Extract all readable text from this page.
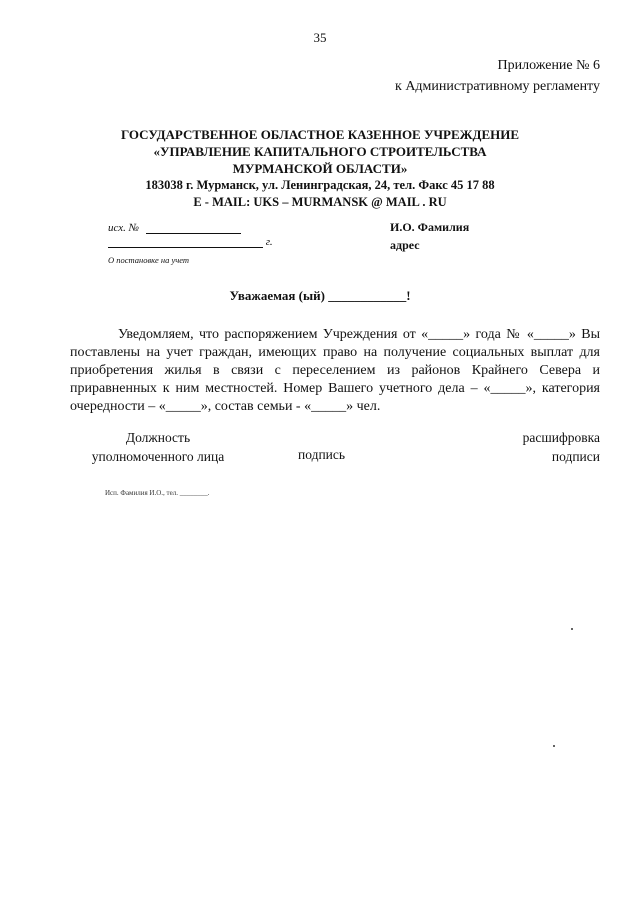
35
Приложение № 6
к Административному регламенту
ГОСУДАРСТВЕННОЕ ОБЛАСТНОЕ КАЗЕННОЕ УЧРЕЖДЕНИЕ
«УПРАВЛЕНИЕ КАПИТАЛЬНОГО СТРОИТЕЛЬСТВА
МУРМАНСКОЙ ОБЛАСТИ»
183038 г. Мурманск, ул. Ленинградская, 24, тел. Факс 45 17 88
E - MAIL: UKS – MURMANSK @ MAIL . RU
исх. №
г.
О постановке на учет
И.О. Фамилия
адрес
Уважаемая (ый) ____________!
Уведомляем, что распоряжением Учреждения от «_____» года № «_____» Вы поставлены на учет граждан, имеющих право на получение социальных выплат для приобретения жилья в связи с переселением из районов Крайнего Севера и приравненных к ним местностей. Номер Вашего учетного дела – «_____», категория очередности – «_____», состав семьи - «_____» чел.
Должность
уполномоченного лица	подпись
расшифровка
подписи
Исп. Фамилия И.О., тел. ________.
